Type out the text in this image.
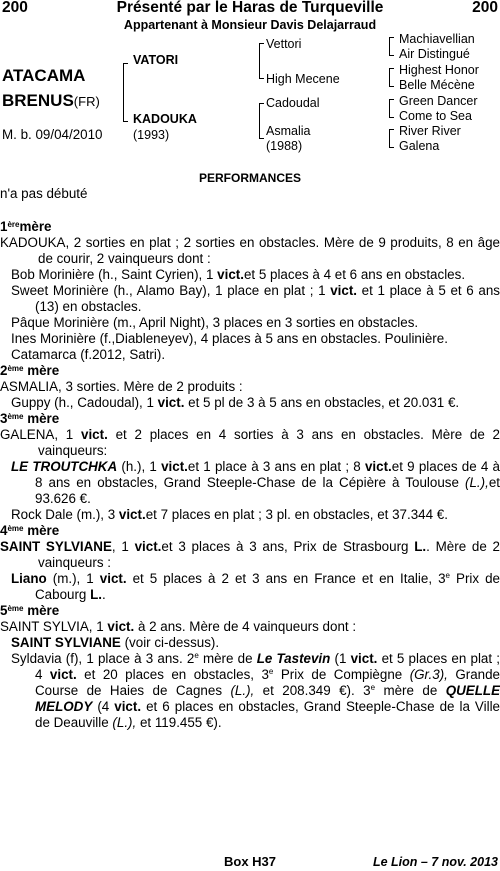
Présenté par le Haras de Turqueville
200	200
Appartenant à Monsieur Davis Delajarraud
ATACAMA
BRENUS(FR)
M. b. 09/04/2010
VATORI
KADOUKA
(1993)
Vettori
High Mecene
Cadoudal
Asmalia
(1988)
Machiavellian
Air Distingué
Highest Honor
Belle Mécène
Green Dancer
Come to Sea
River River
Galena
PERFORMANCES
n'a pas débuté

1èremère

KADOUKA, 2 sorties en plat ; 2 sorties en obstacles. Mère de 9 produits, 8 en âge de courir, 2 vainqueurs dont :

Bob Morinière (h., Saint Cyrien), 1 vict.et 5 places à 4 et 6 ans en obstacles.

Sweet Morinière (h., Alamo Bay), 1 place en plat ; 1 vict. et 1 place à 5 et 6 ans (13) en obstacles.

Pâque Morinière (m., April Night), 3 places en 3 sorties en obstacles.

Ines Morinière (f.,Diableneyev), 4 places à 5 ans en obstacles. Poulinière.

Catamarca (f.2012, Satri).

2ème mère

ASMALIA, 3 sorties. Mère de 2 produits :

Guppy (h., Cadoudal), 1 vict. et 5 pl de 3 à 5 ans en obstacles, et 20.031 €.

3ème mère

GALENA, 1 vict. et 2 places en 4 sorties à 3 ans en obstacles. Mère de 2 vainqueurs:

LE TROUTCHKA (h.), 1 vict.et 1 place à 3 ans en plat ; 8 vict.et 9 places de 4 à 8 ans en obstacles, Grand Steeple-Chase de la Cépière à Toulouse (L.),et 93.626 €.

Rock Dale (m.), 3 vict.et 7 places en plat ; 3 pl. en obstacles, et 37.344 €.

4ème mère

SAINT SYLVIANE, 1 vict.et 3 places à 3 ans, Prix de Strasbourg L.. Mère de 2 vainqueurs :

Liano (m.), 1 vict. et 5 places à 2 et 3 ans en France et en Italie, 3e Prix de Cabourg L..

5ème mère

SAINT SYLVIA, 1 vict. à 2 ans. Mère de 4 vainqueurs dont :

SAINT SYLVIANE (voir ci-dessus).

Syldavia (f), 1 place à 3 ans. 2e mère de Le Tastevin (1 vict. et 5 places en plat ; 4 vict. et 20 places en obstacles, 3e Prix de Compiègne (Gr.3), Grande Course de Haies de Cagnes (L.), et 208.349 €). 3e mère de QUELLE MELODY (4 vict. et 6 places en obstacles, Grand Steeple-Chase de la Ville de Deauville (L.), et 119.455 €).

Box H37	Le Lion – 7 nov. 2013
